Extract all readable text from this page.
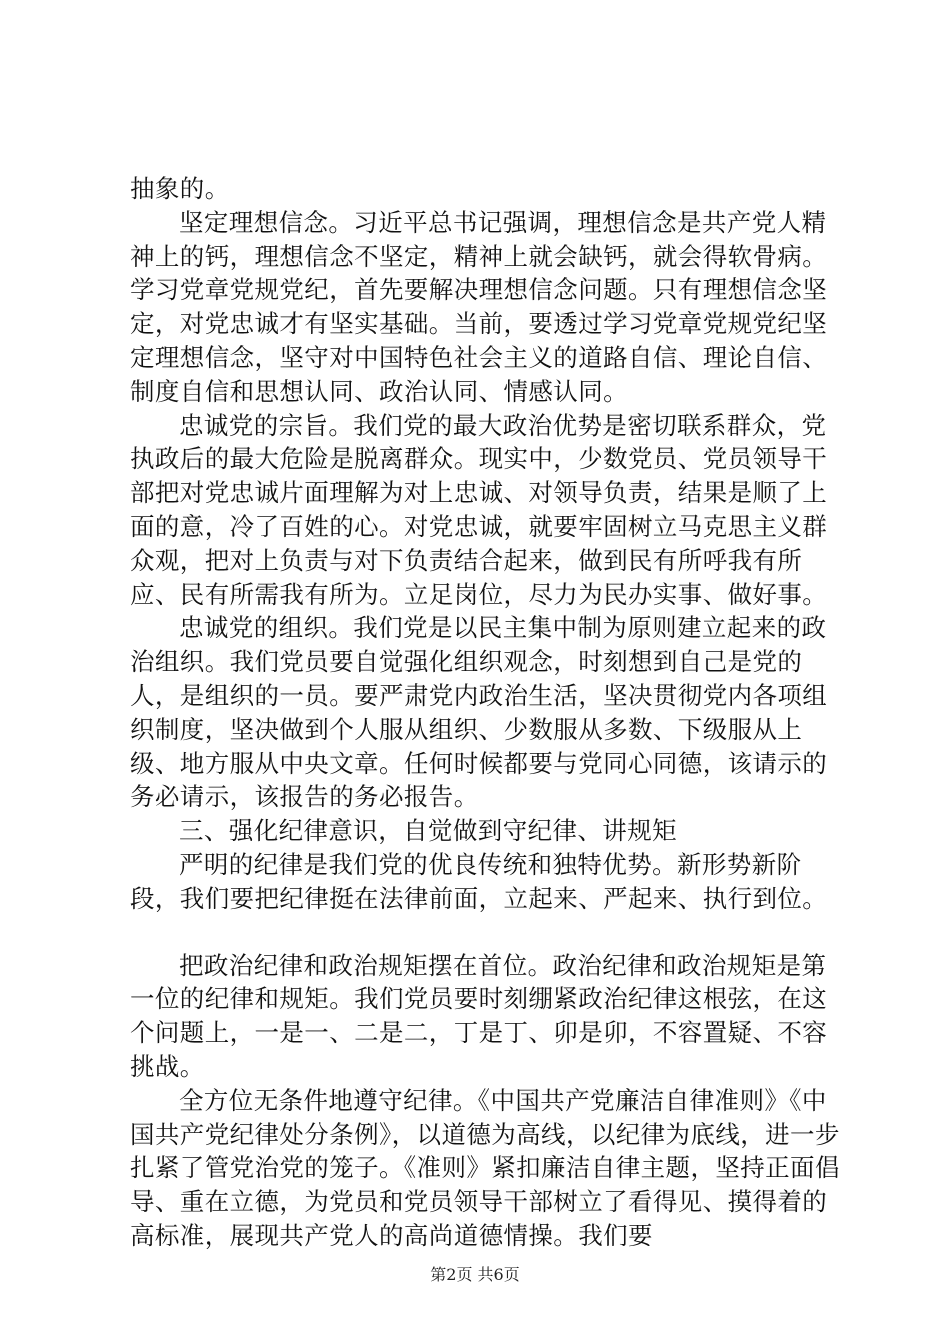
抽象的。

坚定理想信念。习近平总书记强调，理想信念是共产党人精神上的钙，理想信念不坚定，精神上就会缺钙，就会得软骨病。学习党章党规党纪，首先要解决理想信念问题。只有理想信念坚定，对党忠诚才有坚实基础。当前，要透过学习党章党规党纪坚定理想信念，坚守对中国特色社会主义的道路自信、理论自信、制度自信和思想认同、政治认同、情感认同。

忠诚党的宗旨。我们党的最大政治优势是密切联系群众，党执政后的最大危险是脱离群众。现实中，少数党员、党员领导干部把对党忠诚片面理解为对上忠诚、对领导负责，结果是顺了上面的意，冷了百姓的心。对党忠诚，就要牢固树立马克思主义群众观，把对上负责与对下负责结合起来，做到民有所呼我有所应、民有所需我有所为。立足岗位，尽力为民办实事、做好事。

忠诚党的组织。我们党是以民主集中制为原则建立起来的政治组织。我们党员要自觉强化组织观念，时刻想到自己是党的人，是组织的一员。要严肃党内政治生活，坚决贯彻党内各项组织制度，坚决做到个人服从组织、少数服从多数、下级服从上级、地方服从中央文章。任何时候都要与党同心同德，该请示的务必请示，该报告的务必报告。

三、强化纪律意识，自觉做到守纪律、讲规矩

严明的纪律是我们党的优良传统和独特优势。新形势新阶段，我们要把纪律挺在法律前面，立起来、严起来、执行到位。

把政治纪律和政治规矩摆在首位。政治纪律和政治规矩是第一位的纪律和规矩。我们党员要时刻绷紧政治纪律这根弦，在这个问题上，一是一、二是二，丁是丁、卯是卯，不容置疑、不容挑战。

全方位无条件地遵守纪律。《中国共产党廉洁自律准则》《中国共产党纪律处分条例》，以道德为高线，以纪律为底线，进一步扎紧了管党治党的笼子。《准则》紧扣廉洁自律主题，坚持正面倡导、重在立德，为党员和党员领导干部树立了看得见、摸得着的高标准，展现共产党人的高尚道德情操。我们要

第2页 共6页
